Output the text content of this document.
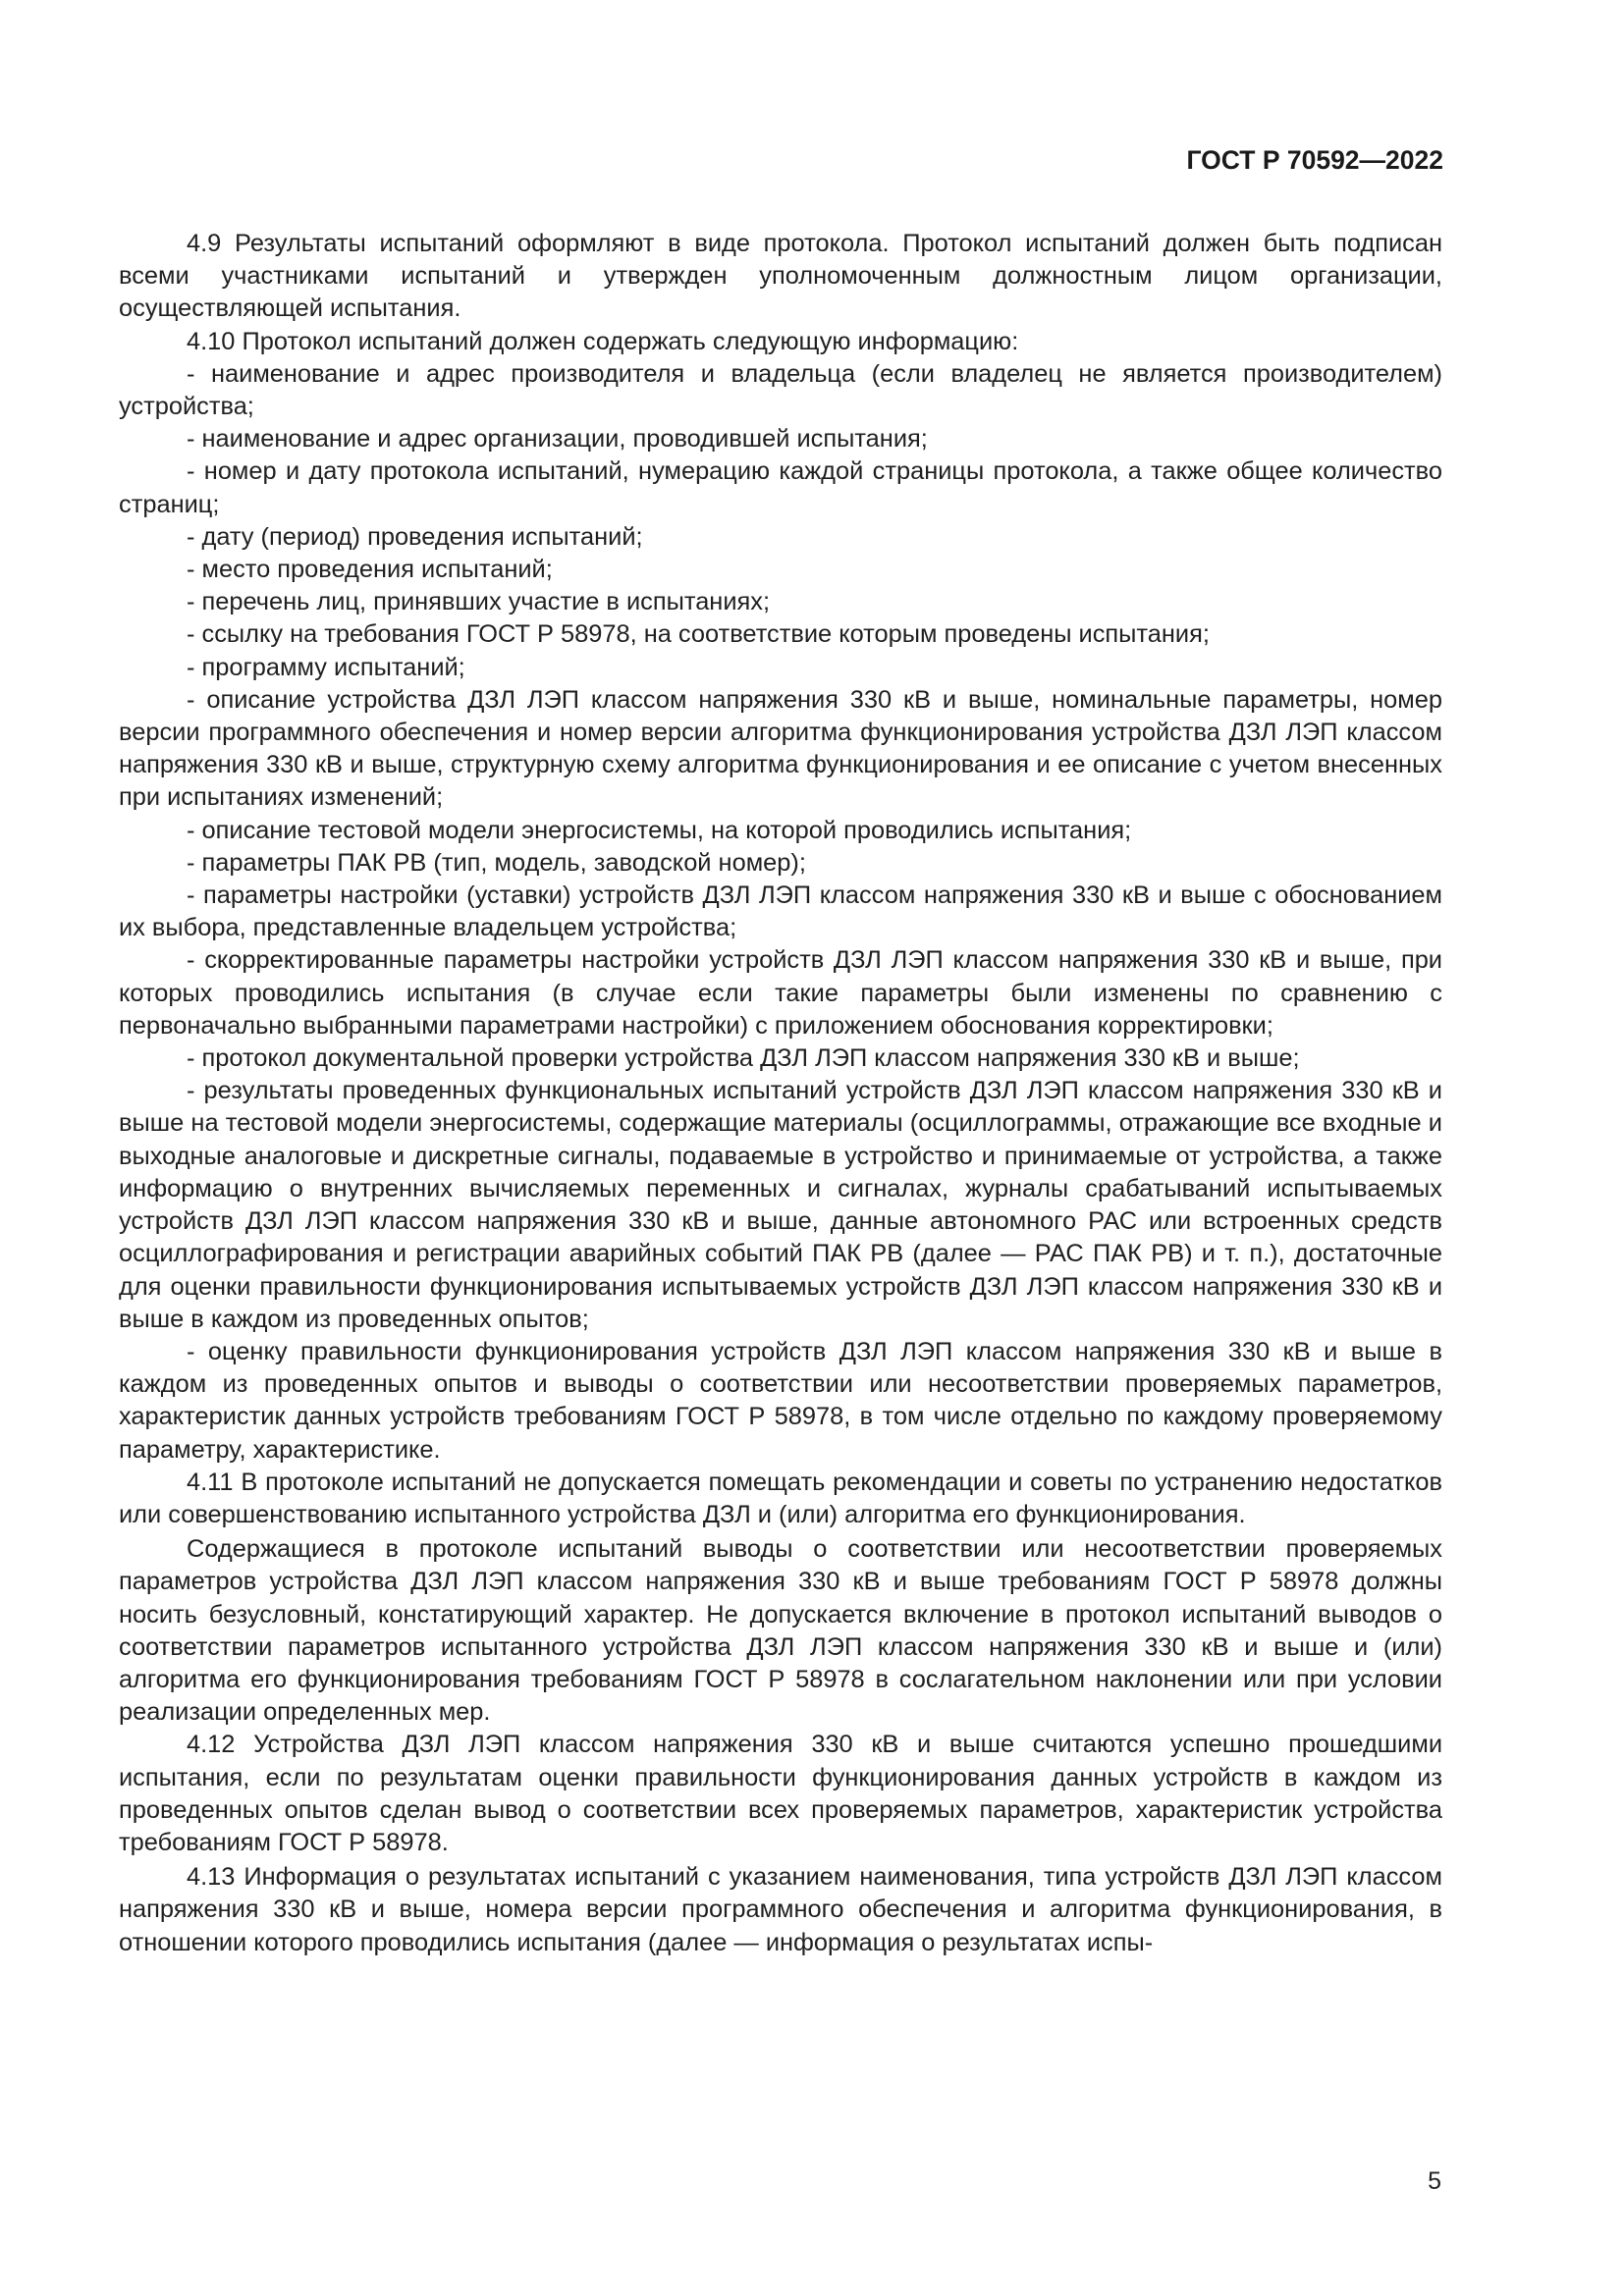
ГОСТ Р 70592—2022

4.9 Результаты испытаний оформляют в виде протокола. Протокол испытаний должен быть подписан всеми участниками испытаний и утвержден уполномоченным должностным лицом организации, осуществляющей испытания.

4.10 Протокол испытаний должен содержать следующую информацию:

- наименование и адрес производителя и владельца (если владелец не является производителем) устройства;

- наименование и адрес организации, проводившей испытания;

- номер и дату протокола испытаний, нумерацию каждой страницы протокола, а также общее количество страниц;

- дату (период) проведения испытаний;

- место проведения испытаний;

- перечень лиц, принявших участие в испытаниях;

- ссылку на требования ГОСТ Р 58978, на соответствие которым проведены испытания;

- программу испытаний;

- описание устройства ДЗЛ ЛЭП классом напряжения 330 кВ и выше, номинальные параметры, номер версии программного обеспечения и номер версии алгоритма функционирования устройства ДЗЛ ЛЭП классом напряжения 330 кВ и выше, структурную схему алгоритма функционирования и ее описание с учетом внесенных при испытаниях изменений;

- описание тестовой модели энергосистемы, на которой проводились испытания;

- параметры ПАК РВ (тип, модель, заводской номер);

- параметры настройки (уставки) устройств ДЗЛ ЛЭП классом напряжения 330 кВ и выше с обоснованием их выбора, представленные владельцем устройства;

- скорректированные параметры настройки устройств ДЗЛ ЛЭП классом напряжения 330 кВ и выше, при которых проводились испытания (в случае если такие параметры были изменены по сравнению с первоначально выбранными параметрами настройки) с приложением обоснования корректировки;

- протокол документальной проверки устройства ДЗЛ ЛЭП классом напряжения 330 кВ и выше;

- результаты проведенных функциональных испытаний устройств ДЗЛ ЛЭП классом напряжения 330 кВ и выше на тестовой модели энергосистемы, содержащие материалы (осциллограммы, отражающие все входные и выходные аналоговые и дискретные сигналы, подаваемые в устройство и принимаемые от устройства, а также информацию о внутренних вычисляемых переменных и сигналах, журналы срабатываний испытываемых устройств ДЗЛ ЛЭП классом напряжения 330 кВ и выше, данные автономного РАС или встроенных средств осциллографирования и регистрации аварийных событий ПАК РВ (далее — РАС ПАК РВ) и т. п.), достаточные для оценки правильности функционирования испытываемых устройств ДЗЛ ЛЭП классом напряжения 330 кВ и выше в каждом из проведенных опытов;

- оценку правильности функционирования устройств ДЗЛ ЛЭП классом напряжения 330 кВ и выше в каждом из проведенных опытов и выводы о соответствии или несоответствии проверяемых параметров, характеристик данных устройств требованиям ГОСТ Р 58978, в том числе отдельно по каждому проверяемому параметру, характеристике.

4.11 В протоколе испытаний не допускается помещать рекомендации и советы по устранению недостатков или совершенствованию испытанного устройства ДЗЛ и (или) алгоритма его функционирования.

Содержащиеся в протоколе испытаний выводы о соответствии или несоответствии проверяемых параметров устройства ДЗЛ ЛЭП классом напряжения 330 кВ и выше требованиям ГОСТ Р 58978 должны носить безусловный, констатирующий характер. Не допускается включение в протокол испытаний выводов о соответствии параметров испытанного устройства ДЗЛ ЛЭП классом напряжения 330 кВ и выше и (или) алгоритма его функционирования требованиям ГОСТ Р 58978 в сослагательном наклонении или при условии реализации определенных мер.

4.12 Устройства ДЗЛ ЛЭП классом напряжения 330 кВ и выше считаются успешно прошедшими испытания, если по результатам оценки правильности функционирования данных устройств в каждом из проведенных опытов сделан вывод о соответствии всех проверяемых параметров, характеристик устройства требованиям ГОСТ Р 58978.

4.13 Информация о результатах испытаний с указанием наименования, типа устройств ДЗЛ ЛЭП классом напряжения 330 кВ и выше, номера версии программного обеспечения и алгоритма функционирования, в отношении которого проводились испытания (далее — информация о результатах испы-

5
